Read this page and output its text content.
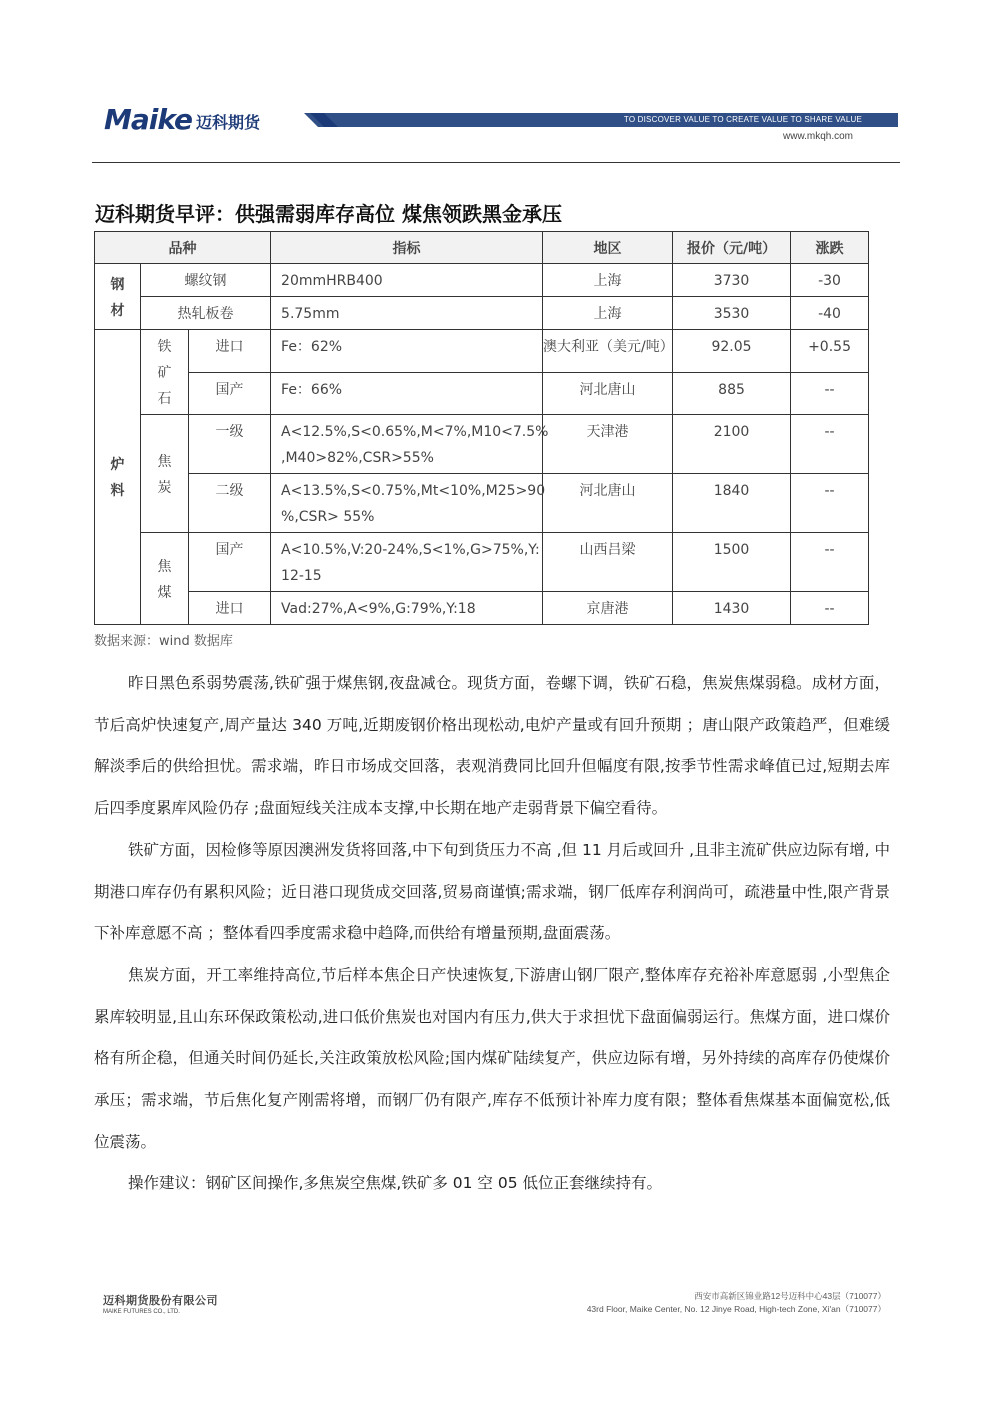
Maike 迈科期货	TO DISCOVER VALUE TO CREATE VALUE TO SHARE VALUE
www.mkqh.com
迈科期货早评：供强需弱库存高位 煤焦领跌黑金承压
品种			指标	地区	报价（元/吨）	涨跌

钢材	螺纹钢		20mmHRB400	上海	3730	-30
	热轧板卷		5.75mm	上海	3530	-40

炉料	铁矿石	进口	Fe：62%	澳大利亚（美元/吨）	92.05	+0.55
		国产	Fe：66%	河北唐山	885	--

	焦炭	一级	A<12.5%,S<0.65%,M<7%,M10<7.5% ,M40>82%,CSR>55%	天津港	2100	--
		二级	A<13.5%,S<0.75%,Mt<10%,M25>90 %,CSR> 55%	河北唐山	1840	--

	焦煤	国产	A<10.5%,V:20-24%,S<1%,G>75%,Y: 12-15	山西吕梁	1500	--
		进口	Vad:27%,A<9%,G:79%,Y:18	京唐港	1430	--
数据来源：wind 数据库

昨日黑色系弱势震荡,铁矿强于煤焦钢,夜盘减仓。现货方面，卷螺下调，铁矿石稳，焦炭焦煤弱稳。成材方面，节后高炉快速复产,周产量达 340 万吨,近期废钢价格出现松动,电炉产量或有回升预期 ；唐山限产政策趋严，但难缓解淡季后的供给担忧。需求端，昨日市场成交回落，表观消费同比回升但幅度有限,按季节性需求峰值已过,短期去库后四季度累库风险仍存 ;盘面短线关注成本支撑,中长期在地产走弱背景下偏空看待。

铁矿方面，因检修等原因澳洲发货将回落,中下旬到货压力不高 ,但 11 月后或回升 ,且非主流矿供应边际有增, 中期港口库存仍有累积风险；近日港口现货成交回落,贸易商谨慎;需求端，钢厂低库存利润尚可，疏港量中性,限产背景下补库意愿不高 ；整体看四季度需求稳中趋降,而供给有增量预期,盘面震荡。

焦炭方面，开工率维持高位,节后样本焦企日产快速恢复,下游唐山钢厂限产,整体库存充裕补库意愿弱 ,小型焦企累库较明显,且山东环保政策松动,进口低价焦炭也对国内有压力,供大于求担忧下盘面偏弱运行。焦煤方面，进口煤价格有所企稳，但通关时间仍延长,关注政策放松风险;国内煤矿陆续复产，供应边际有增，另外持续的高库存仍使煤价承压；需求端，节后焦化复产刚需将增，而钢厂仍有限产,库存不低预计补库力度有限；整体看焦煤基本面偏宽松,低位震荡。

操作建议：钢矿区间操作,多焦炭空焦煤,铁矿多 01 空 05 低位正套继续持有。

迈科期货股份有限公司
MAIKE FUTURES CO., LTD.
西安市高新区锦业路12号迈科中心43层（710077）
43rd Floor, Maike Center, No. 12 Jinye Road, High-tech Zone, Xi'an（710077）
